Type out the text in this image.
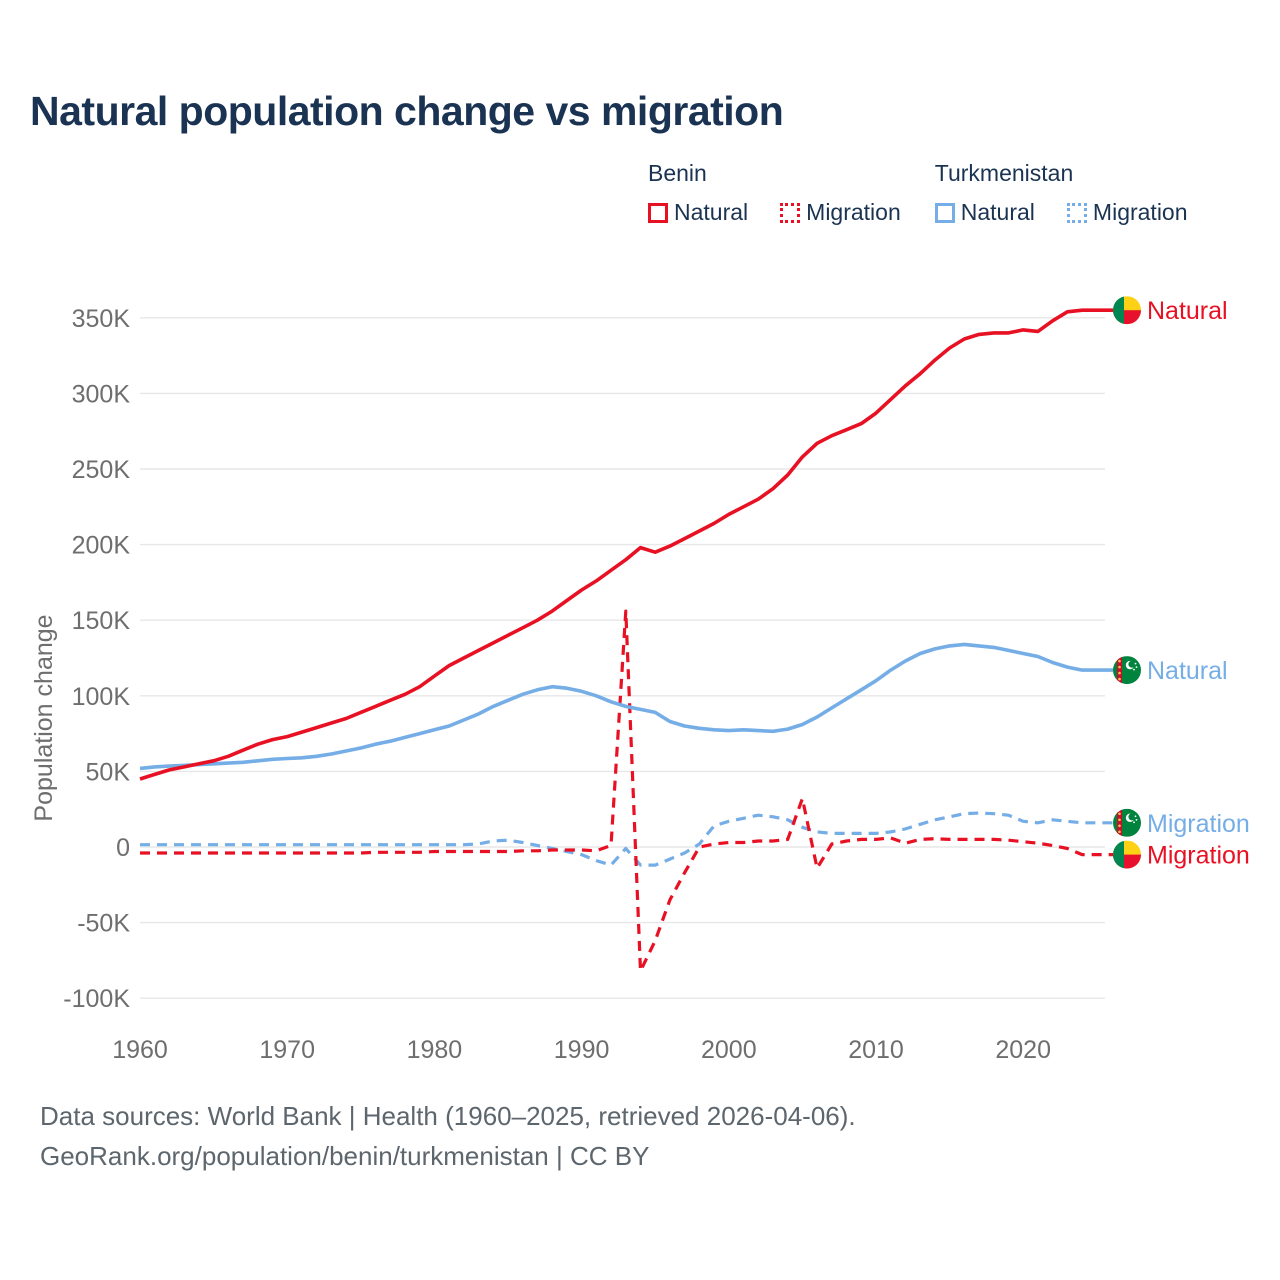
350K
300K
250K
200K
150K
100K
50K
0
-50K
-100K
1960	1970	1980	1990	2000	2010	2020
Population change
Migration
Migration
Natural
Natural
Natural population change vs migration
Benin
Natural	Migration
Turkmenistan
Natural	Migration
Data sources: World Bank | Health (1960–2025, retrieved 2026-04-06).
GeoRank.org/population/benin/turkmenistan | CC BY
